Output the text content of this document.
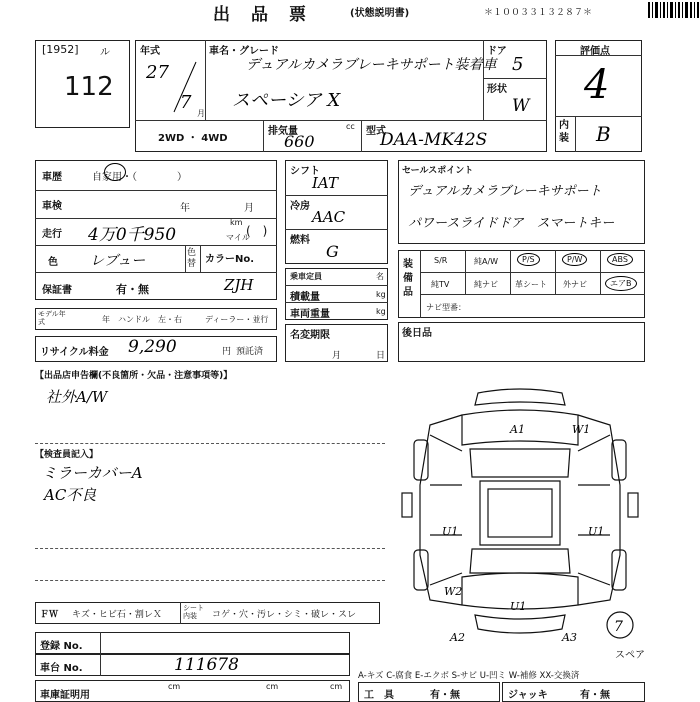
出　品　票	(状態説明書)	＊１００３３１３２８７＊
[1952] ル
112
年式
27
7
月
車名・グレード
デュアルカメラブレーキサポート装着車
スペーシア X
ドア
5
形状
W
2WD ・ 4WD
排気量	cc
660
型式
DAA-MK42S
評価点
4
内装 B
車歴	自家用・（　　　　）
車検	年	月
走行 4万0千950
km
マイル
(　)
色 レブュー	色替 カラーNo.
保証書	有・無	ZJH
シフト
IAT
冷房
AAC
燃料
G
乗車定員	名
積載量	kg
車両重量	kg
セールスポイント
デュアルカメラブレーキサポート
パワースライドドア　スマートキー
装備品
S/R	純A/W	P/S	P/W	ABS
純TV	純ナビ 革シート 外ナビ	エアB
ナビ型番：
モデル年式	年 ハンドル　左・右	ディーラー・並行
リサイクル料金 9,290	円 預託済
名変期限
月	日
後日品
【出品店申告欄(不良箇所・欠品・注意事項等)】
社外A/W
【検査員記入】
ミラーカバーA
AC不良
A1
U1	U1
W1
W2
U1
A2	A3
7
スペア
ＦＷ キズ・ヒビ石・割レＸ
シート内装	コゲ・穴・汚レ・シミ・破レ・スレ
登録 No.
車台 No.	111678
車庫証明用
cm	cm	cm
A-キズ C-腐食 E-エクボ S-サビ U-凹ミ W-補修 XX-交換済
工　具	有・無	ジャッキ	有・無
